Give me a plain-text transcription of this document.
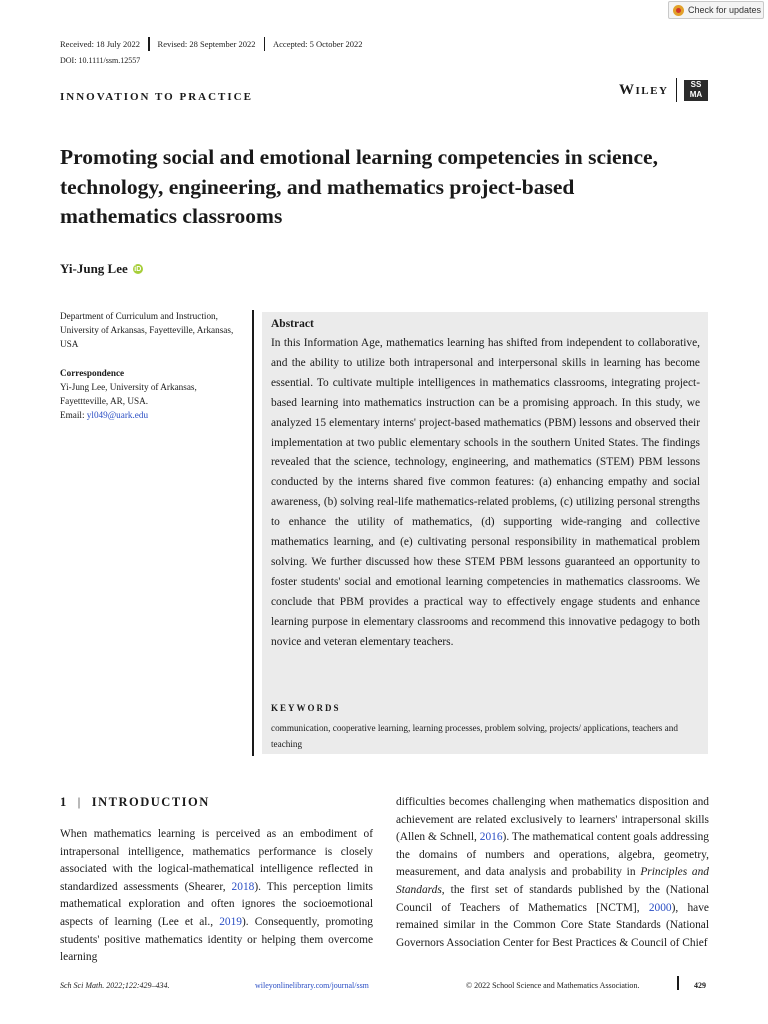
Check for updates
Received: 18 July 2022 Revised: 28 September 2022 Accepted: 5 October 2022
DOI: 10.1111/ssm.12557
INNOVATION TO PRACTICE	Wiley	SS
MA
Promoting social and emotional learning competencies in science, technology, engineering, and mathematics project-based mathematics classrooms
Yi-Jung Lee iD
Department of Curriculum and Instruction, University of Arkansas, Fayetteville, Arkansas, USA
Correspondence
Yi-Jung Lee, University of Arkansas, Fayettteville, AR, USA.
Email: yl049@uark.edu
Abstract
In this Information Age, mathematics learning has shifted from independent to collaborative, and the ability to utilize both intrapersonal and interpersonal skills in learning has become essential. To cultivate multiple intelligences in mathematics classrooms, integrating project-based learning into mathematics instruction can be a promising approach. In this study, we analyzed 15 elementary interns' project-based mathematics (PBM) lessons and observed their implementation at two public elementary schools in the southern United States. The findings revealed that the science, technology, engineering, and mathematics (STEM) PBM lessons conducted by the interns shared five common features: (a) enhancing empathy and social awareness, (b) solving real-life mathematics-related problems, (c) utilizing personal strengths to enhance the utility of mathematics, (d) supporting wide-ranging and collective mathematics learning, and (e) cultivating personal responsibility in mathematical problem solving. We further discussed how these STEM PBM lessons guaranteed an opportunity to foster students' social and emotional learning competencies in mathematics classrooms. We conclude that PBM provides a practical way to effectively engage students and enhance learning purpose in elementary classrooms and recommend this innovative pedagogy to both novice and veteran elementary teachers.
KEYWORDS
communication, cooperative learning, learning processes, problem solving, projects/ applications, teachers and teaching
1 | INTRODUCTION
When mathematics learning is perceived as an embodiment of intrapersonal intelligence, mathematics performance is closely associated with the logical-mathematical intelligence reflected in standardized assessments (Shearer, 2018). This perception limits mathematical exploration and often ignores the socioemotional aspects of learning (Lee et al., 2019). Consequently, promoting students' positive mathematics identity or helping them overcome learning
difficulties becomes challenging when mathematics disposition and achievement are related exclusively to learners' intrapersonal skills (Allen & Schnell, 2016). The mathematical content goals addressing the domains of numbers and operations, algebra, geometry, measurement, and data analysis and probability in Principles and Standards, the first set of standards published by the (National Council of Teachers of Mathematics [NCTM], 2000), have remained similar in the Common Core State Standards (National Governors Association Center for Best Practices & Council of Chief
Sch Sci Math. 2022;122:429–434.	wileyonlinelibrary.com/journal/ssm	© 2022 School Science and Mathematics Association.	429
